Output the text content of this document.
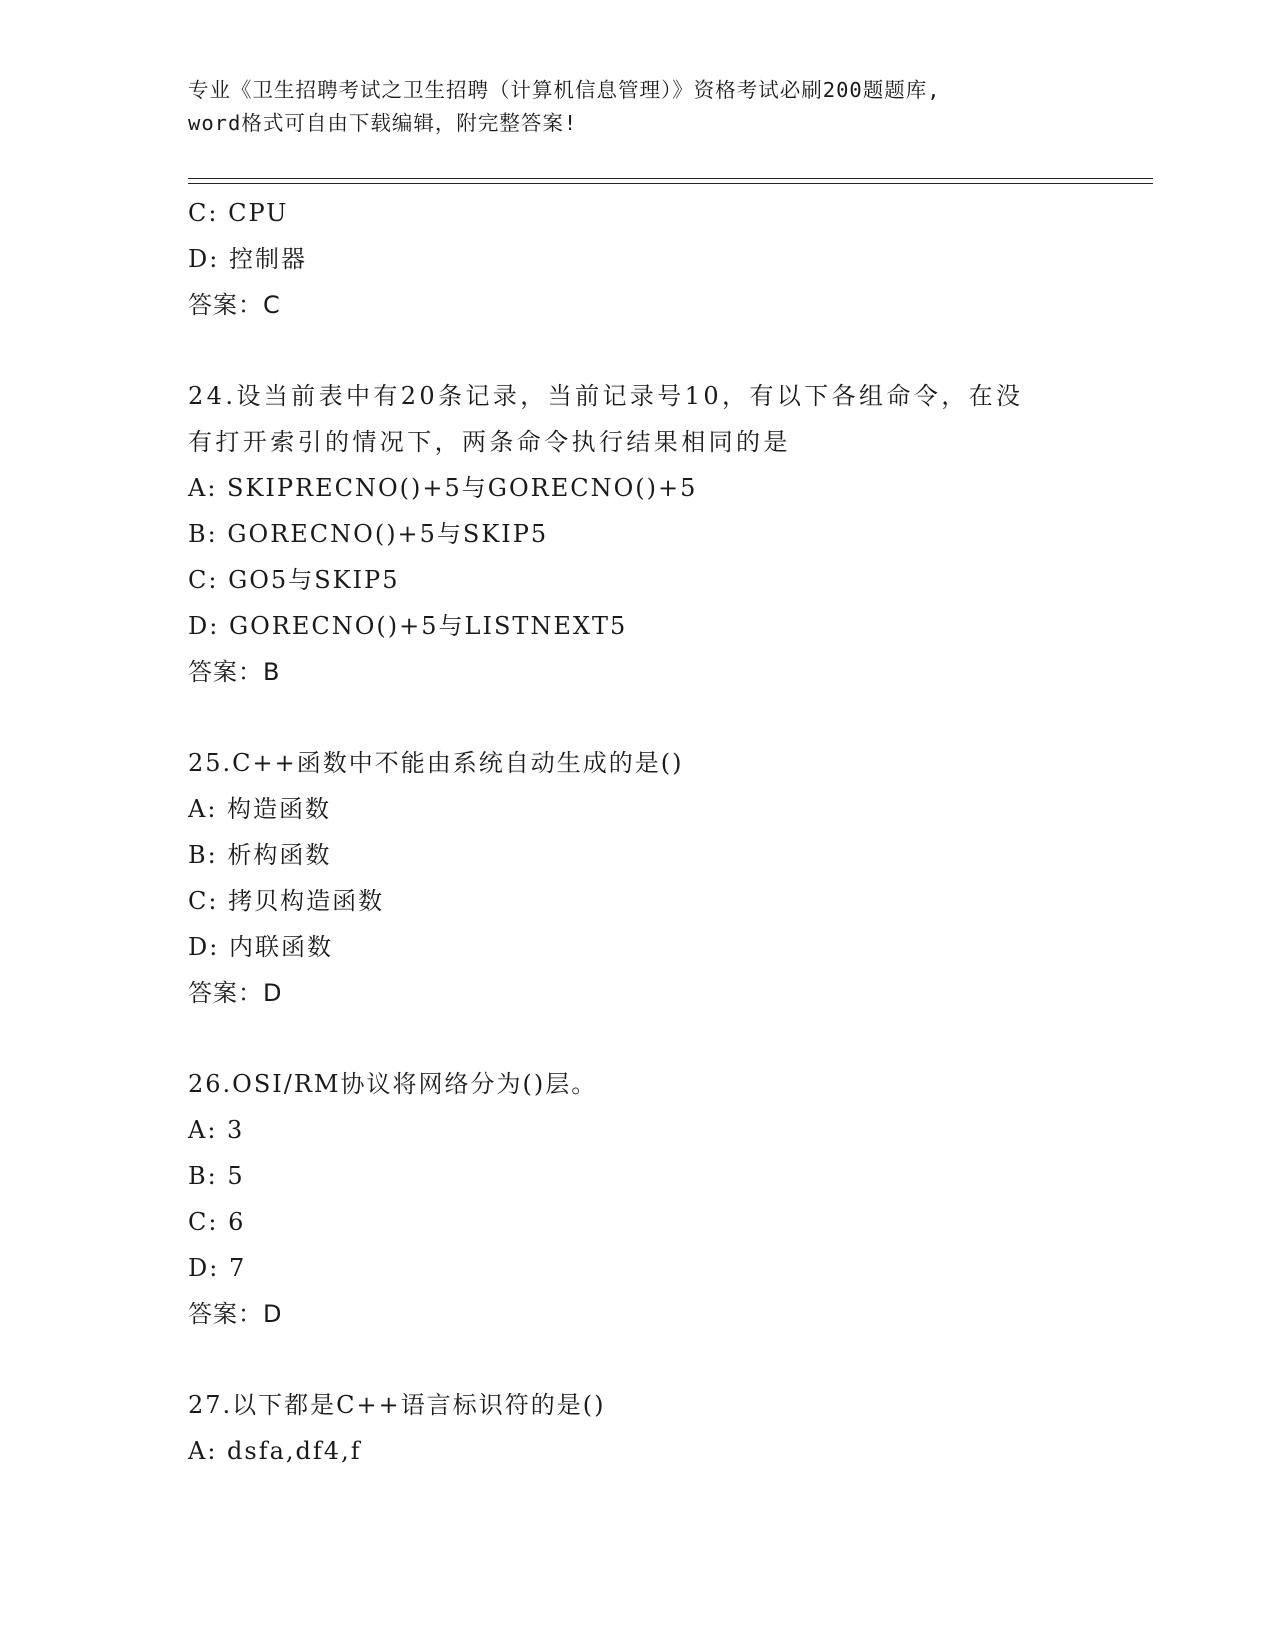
专业《卫生招聘考试之卫生招聘（计算机信息管理）》资格考试必刷200题题库,
word格式可自由下载编辑，附完整答案!
C: CPU
D: 控制器
答案：C
24.设当前表中有20条记录，当前记录号10，有以下各组命令，在没
有打开索引的情况下，两条命令执行结果相同的是
A: SKIPRECNO()+5与GORECNO()+5
B: GORECNO()+5与SKIP5
C: GO5与SKIP5
D: GORECNO()+5与LISTNEXT5
答案：B
25.C++函数中不能由系统自动生成的是()
A: 构造函数
B: 析构函数
C: 拷贝构造函数
D: 内联函数
答案：D
26.OSI/RM协议将网络分为()层。
A: 3
B: 5
C: 6
D: 7
答案：D
27.以下都是C++语言标识符的是()
A: dsfa,df4,f
